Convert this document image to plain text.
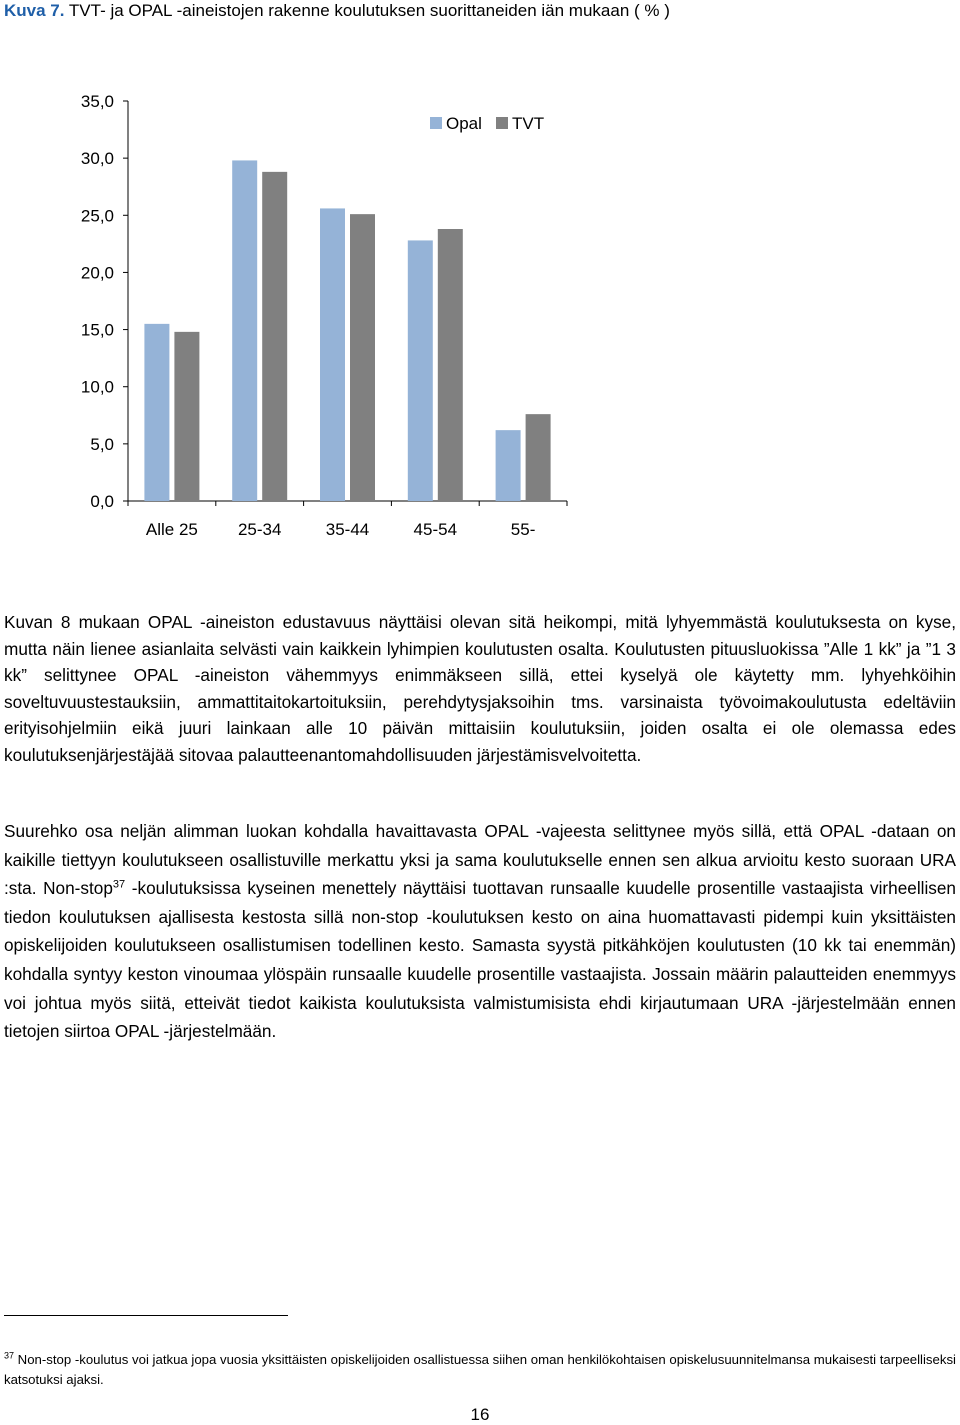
Kuva 7. TVT- ja OPAL -aineistojen rakenne koulutuksen suorittaneiden iän mukaan ( % )
0,0
5,0
10,0
15,0
20,0
25,0
30,0
35,0
Alle 25 25-34	35-44	45-54	55-
Opal TVT
Kuvan 8 mukaan OPAL -aineiston edustavuus näyttäisi olevan sitä heikompi, mitä lyhyemmästä koulutuksesta on kyse, mutta näin lienee asianlaita selvästi vain kaikkein lyhimpien koulutusten osalta. Koulutusten pituusluokissa ”Alle 1 kk” ja ”1 3 kk” selittynee OPAL -aineiston vähemmyys enimmäkseen sillä, ettei kyselyä ole käytetty mm. lyhyehköihin soveltuvuustestauksiin, ammattitaitokartoituksiin, perehdytysjaksoihin tms. varsinaista työvoimakoulutusta edeltäviin erityisohjelmiin eikä juuri lainkaan alle 10 päivän mittaisiin koulutuksiin, joiden osalta ei ole olemassa edes koulutuksenjärjestäjää sitovaa palautteenantomahdollisuuden järjestämisvelvoitetta.
Suurehko osa neljän alimman luokan kohdalla havaittavasta OPAL -vajeesta selittynee myös sillä, että OPAL -dataan on kaikille tiettyyn koulutukseen osallistuville merkattu yksi ja sama koulutukselle ennen sen alkua arvioitu kesto suoraan URA :sta. Non-stop$^{37}$ -koulutuksissa kyseinen menettely näyttäisi tuottavan runsaalle kuudelle prosentille vastaajista virheellisen tiedon koulutuksen ajallisesta kestosta sillä non-stop -koulutuksen kesto on aina huomattavasti pidempi kuin yksittäisten opiskelijoiden koulutukseen osallistumisen todellinen kesto. Samasta syystä pitkähköjen koulutusten (10 kk tai enemmän) kohdalla syntyy keston vinoumaa ylöspäin runsaalle kuudelle prosentille vastaajista. Jossain määrin palautteiden enemmyys voi johtua myös siitä, etteivät tiedot kaikista koulutuksista valmistumisista ehdi kirjautumaan URA -järjestelmään ennen tietojen siirtoa OPAL -järjestelmään.
$^{37}$ Non-stop -koulutus voi jatkua jopa vuosia yksittäisten opiskelijoiden osallistuessa siihen oman henkilökohtaisen opiskelusuunnitelmansa mukaisesti tarpeelliseksi katsotuksi ajaksi.
16
